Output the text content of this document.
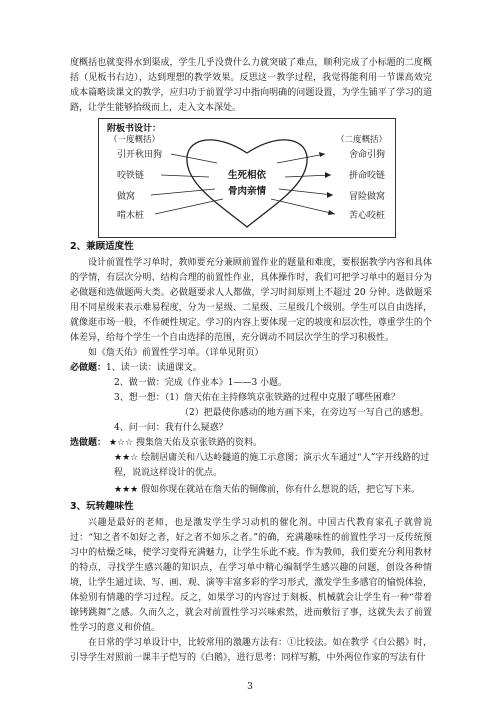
度概括也就变得水到渠成，学生几乎没费什么力就突破了难点，顺利完成了小标题的二度概括（见板书右边），达到理想的教学效果。反思这一教学过程，我觉得能利用一节课高效完成本篇略读课文的教学，应归功于前置学习中指向明确的问题设置，为学生铺平了学习的道路，让学生能够拾级而上，走入文本深处。

附板书设计：
（一度概括）	（二度概括）
引开秋田狗
咬铁链
做窝
啃木桩
舍命引狗
拼命咬链
冒险做窝
苦心咬桩
生死相依
骨肉亲情
2、兼顾适度性

设计前置性学习单时，教师要充分兼顾前置作业的题量和难度，要根据教学内容和具体的学情，有层次分明、结构合理的前置性作业，具体操作时，我们可把学习单中的题目分为必做题和选做题两大类。必做题要求人人都做，学习时间原则上不超过 20 分钟。选做题采用不同星级来表示难易程度，分为一星级、二星级、三星级几个级别。学生可以自由选择，就像逛市场一般，不作硬性规定。学习的内容上要体现一定的坡度和层次性，尊重学生的个体差异，给每个学生一个自由选择的范围，充分调动不同层次学生的学习积极性。

如《詹天佑》前置性学习单。（详单见附页）

必做题：1、读一读：读通课文。
2、做一做：完成《作业本》1——3 小题。
3、想一想：（1）詹天佑在主持修筑京张铁路的过程中克服了哪些困难？
（2）把最使你感动的地方画下来，在旁边写一写自己的感想。
4、问一问：我有什么疑惑？
选做题： ★☆☆ 搜集詹天佑及京张铁路的资料。
★★☆ 绘制居庸关和八达岭隧道的施工示意图；演示火车通过“人”字开线路的过程，说说这样设计的优点。
★★★ 假如你现在就站在詹天佑的铜像前，你有什么想说的话，把它写下来。
3、玩转趣味性

兴趣是最好的老师，也是激发学生学习动机的催化剂。中国古代教育家孔子就曾说过：“知之者不如好之者，好之者不如乐之者。”的确，充满趣味性的前置性学习一反传统预习中的枯燥乏味，使学习变得充满魅力，让学生乐此不疲。作为教师，我们要充分利用教材的特点，寻找学生感兴趣的知识点，在学习单中精心编制学生感兴趣的问题，创设各种情境，让学生通过读、写、画、观、演等丰富多彩的学习形式，激发学生多感官的愉悦体验，体验别有情趣的学习过程。反之，如果学习的内容过于刻板、机械就会让学生有一种“带着镣铐跳舞”之感。久而久之，就会对前置性学习兴味索然，进而敷衍了事，这就失去了前置性学习的意义和价值。

在日常的学习单设计中，比较常用的激趣方法有：①比较法。如在教学《白公鹅》时，引导学生对照前一课丰子恺写的《白鹅》，进行思考：同样写鹅，中外两位作家的写法有什

3
